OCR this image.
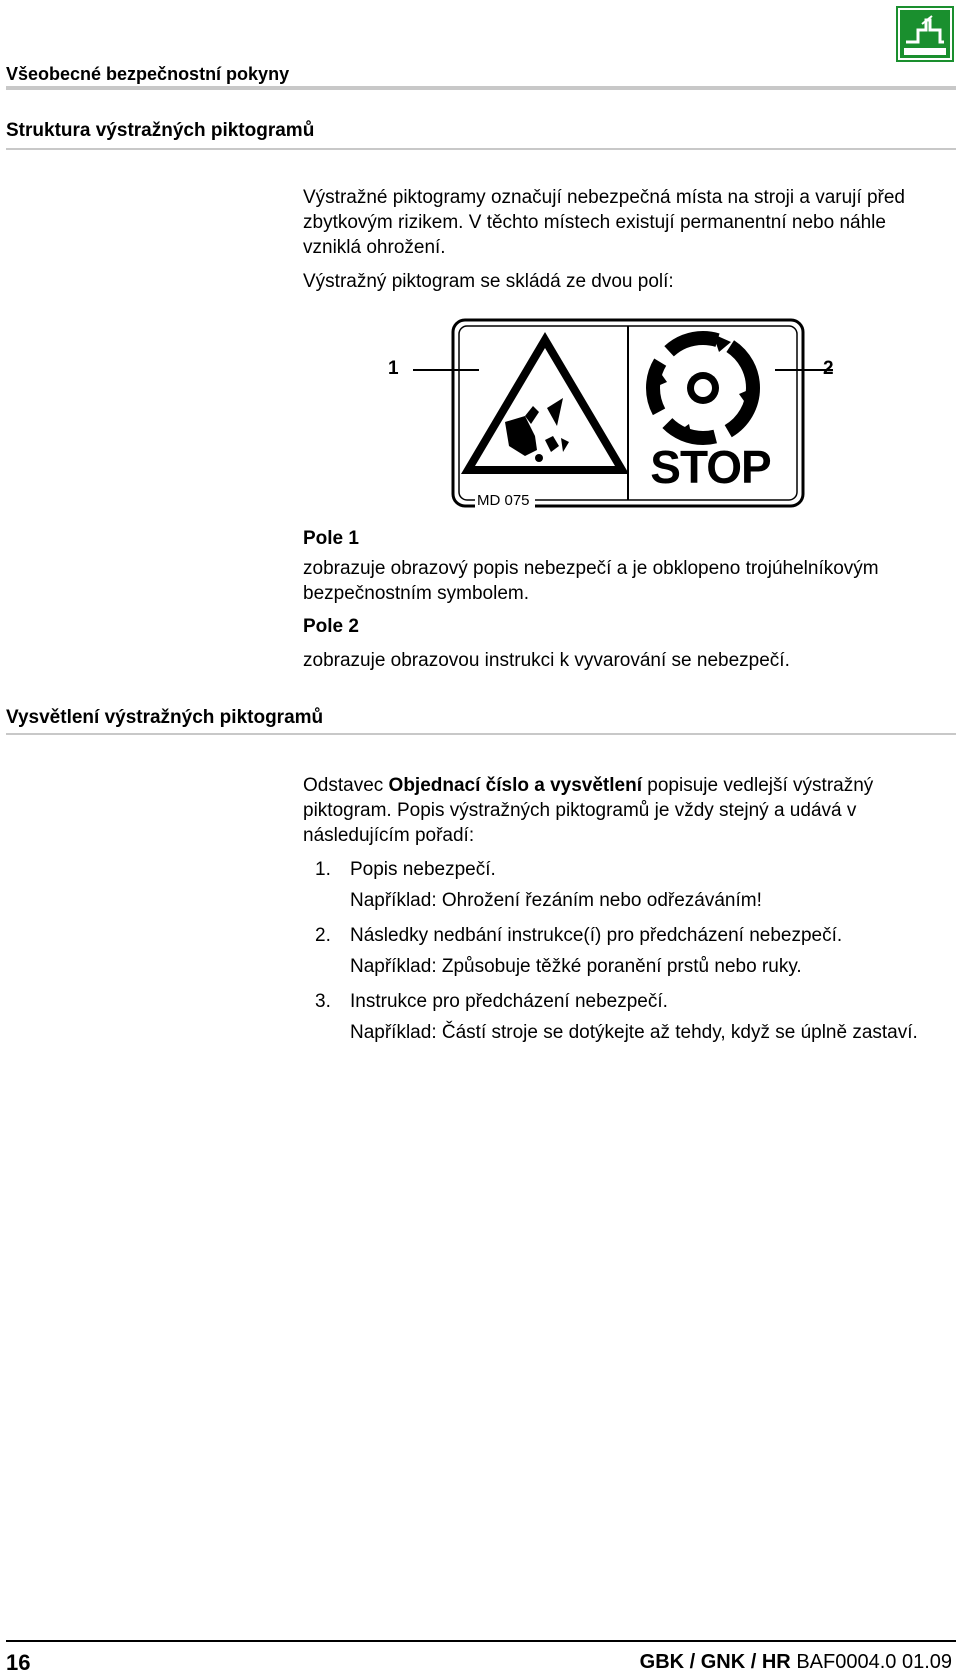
Všeobecné bezpečnostní pokyny
Struktura výstražných piktogramů
Výstražné piktogramy označují nebezpečná místa na stroji a varují před zbytkovým rizikem. V těchto místech existují permanentní nebo náhle vzniklá ohrožení.
Výstražný piktogram se skládá ze dvou polí:
1	2
MD 075
STOP
Pole 1
zobrazuje obrazový popis nebezpečí a je obklopeno trojúhelníkovým bezpečnostním symbolem.
Pole 2
zobrazuje obrazovou instrukci k vyvarování se nebezpečí.
Vysvětlení výstražných piktogramů
Odstavec Objednací číslo a vysvětlení popisuje vedlejší výstražný piktogram. Popis výstražných piktogramů je vždy stejný a udává v následujícím pořadí:
1. Popis nebezpečí.
Například: Ohrožení řezáním nebo odřezáváním!
2. Následky nedbání instrukce(í) pro předcházení nebezpečí.
Například: Způsobuje těžké poranění prstů nebo ruky.
3. Instrukce pro předcházení nebezpečí.
Například: Částí stroje se dotýkejte až tehdy, když se úplně zastaví.
16	GBK / GNK / HR BAF0004.0 01.09
